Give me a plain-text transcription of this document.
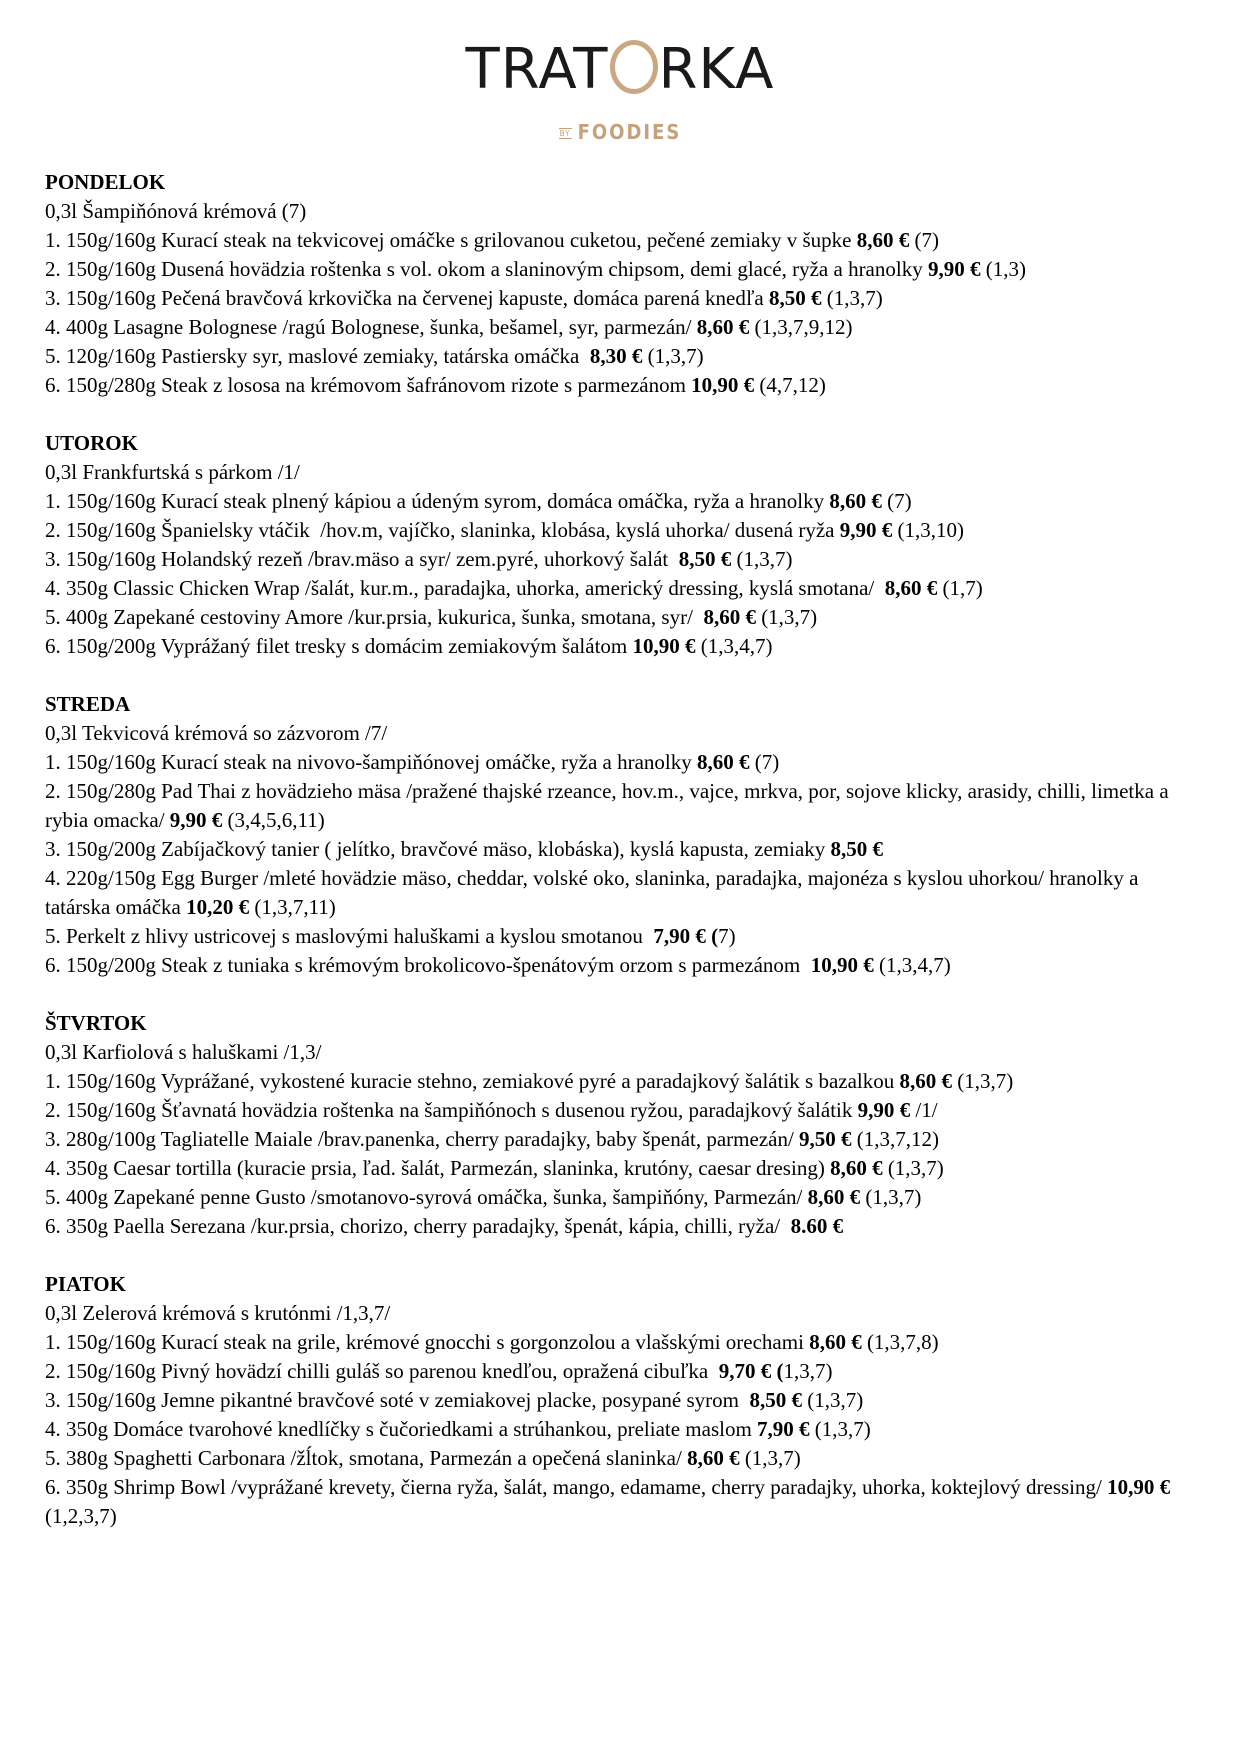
TRAT RKA
BY FOODIES
PONDELOK
0,3l Šampiňónová krémová (7)
1. 150g/160g Kurací steak na tekvicovej omáčke s grilovanou cuketou, pečené zemiaky v šupke 8,60 € (7)
2. 150g/160g Dusená hovädzia roštenka s vol. okom a slaninovým chipsom, demi glacé, ryža a hranolky 9,90 € (1,3)
3. 150g/160g Pečená bravčová krkovička na červenej kapuste, domáca parená knedľa 8,50 € (1,3,7)
4. 400g Lasagne Bolognese /ragú Bolognese, šunka, bešamel, syr, parmezán/ 8,60 € (1,3,7,9,12)
5. 120g/160g Pastiersky syr, maslové zemiaky, tatárska omáčka  8,30 € (1,3,7)
6. 150g/280g Steak z lososa na krémovom šafránovom rizote s parmezánom 10,90 € (4,7,12)
UTOROK
0,3l Frankfurtská s párkom /1/
1. 150g/160g Kurací steak plnený kápiou a údeným syrom, domáca omáčka, ryža a hranolky 8,60 € (7)
2. 150g/160g Španielsky vtáčik  /hov.m, vajíčko, slaninka, klobása, kyslá uhorka/ dusená ryža 9,90 € (1,3,10)
3. 150g/160g Holandský rezeň /brav.mäso a syr/ zem.pyré, uhorkový šalát  8,50 € (1,3,7)
4. 350g Classic Chicken Wrap /šalát, kur.m., paradajka, uhorka, americký dressing, kyslá smotana/  8,60 € (1,7)
5. 400g Zapekané cestoviny Amore /kur.prsia, kukurica, šunka, smotana, syr/  8,60 € (1,3,7)
6. 150g/200g Vyprážaný filet tresky s domácim zemiakovým šalátom 10,90 € (1,3,4,7)
STREDA
0,3l Tekvicová krémová so zázvorom /7/
1. 150g/160g Kurací steak na nivovo-šampiňónovej omáčke, ryža a hranolky 8,60 € (7)
2. 150g/280g Pad Thai z hovädzieho mäsa /pražené thajské rzeance, hov.m., vajce, mrkva, por, sojove klicky, arasidy, chilli, limetka a rybia omacka/ 9,90 € (3,4,5,6,11)
3. 150g/200g Zabíjačkový tanier ( jelítko, bravčové mäso, klobáska), kyslá kapusta, zemiaky 8,50 €
4. 220g/150g Egg Burger /mleté hovädzie mäso, cheddar, volské oko, slaninka, paradajka, majonéza s kyslou uhorkou/ hranolky a tatárska omáčka 10,20 € (1,3,7,11)
5. Perkelt z hlivy ustricovej s maslovými haluškami a kyslou smotanou  7,90 € (7)
6. 150g/200g Steak z tuniaka s krémovým brokolicovo-špenátovým orzom s parmezánom  10,90 € (1,3,4,7)
ŠTVRTOK
0,3l Karfiolová s haluškami /1,3/
1. 150g/160g Vyprážané, vykostené kuracie stehno, zemiakové pyré a paradajkový šalátik s bazalkou 8,60 € (1,3,7)
2. 150g/160g Šťavnatá hovädzia roštenka na šampiňónoch s dusenou ryžou, paradajkový šalátik 9,90 € /1/
3. 280g/100g Tagliatelle Maiale /brav.panenka, cherry paradajky, baby špenát, parmezán/ 9,50 € (1,3,7,12)
4. 350g Caesar tortilla (kuracie prsia, ľad. šalát, Parmezán, slaninka, krutóny, caesar dresing) 8,60 € (1,3,7)
5. 400g Zapekané penne Gusto /smotanovo-syrová omáčka, šunka, šampiňóny, Parmezán/ 8,60 € (1,3,7)
6. 350g Paella Serezana /kur.prsia, chorizo, cherry paradajky, špenát, kápia, chilli, ryža/  8.60 €
PIATOK
0,3l Zelerová krémová s krutónmi /1,3,7/
1. 150g/160g Kurací steak na grile, krémové gnocchi s gorgonzolou a vlašskými orechami 8,60 € (1,3,7,8)
2. 150g/160g Pivný hovädzí chilli guláš so parenou knedľou, opražená cibuľka  9,70 € (1,3,7)
3. 150g/160g Jemne pikantné bravčové soté v zemiakovej placke, posypané syrom  8,50 € (1,3,7)
4. 350g Domáce tvarohové knedlíčky s čučoriedkami a strúhankou, preliate maslom 7,90 € (1,3,7)
5. 380g Spaghetti Carbonara /žĺtok, smotana, Parmezán a opečená slaninka/ 8,60 € (1,3,7)
6. 350g Shrimp Bowl /vyprážané krevety, čierna ryža, šalát, mango, edamame, cherry paradajky, uhorka, koktejlový dressing/ 10,90 € (1,2,3,7)
